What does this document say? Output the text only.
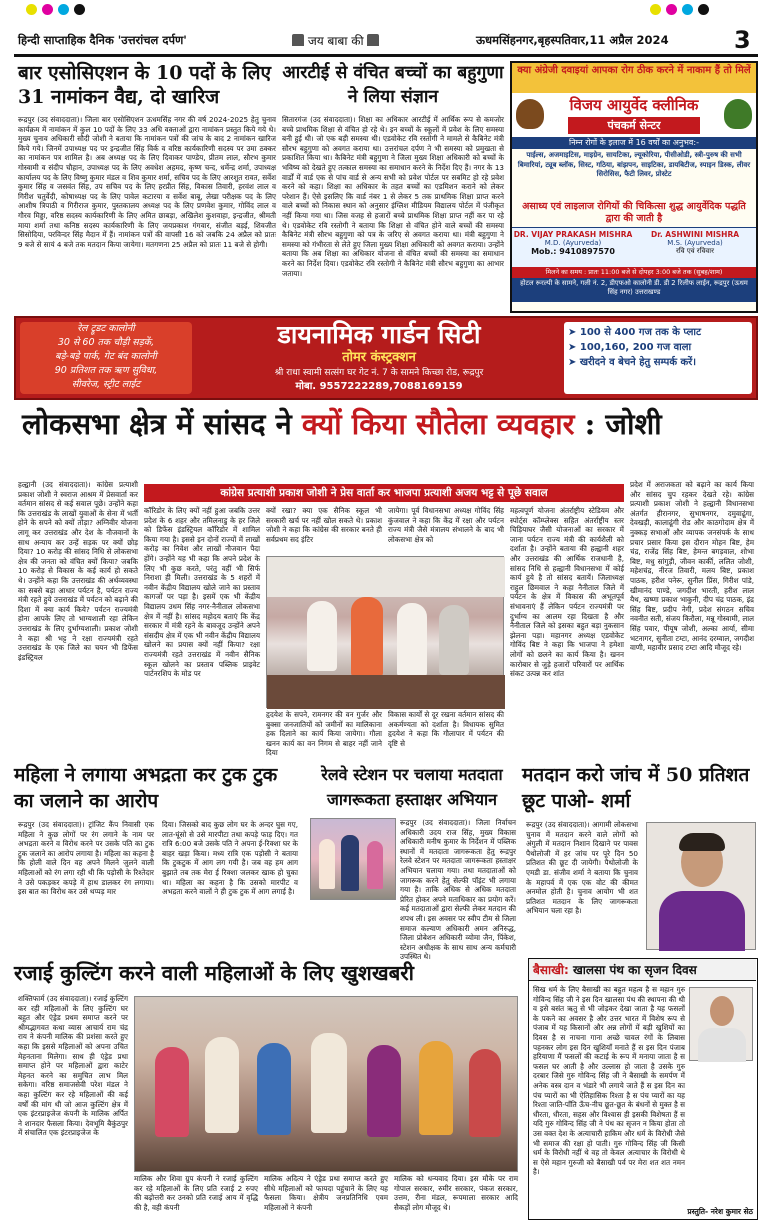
हिन्दी साप्ताहिक दैनिक 'उत्तरांचल दर्पण'	जय बाबा की	ऊधमसिंहनगर,बृहस्पतिवार,11 अप्रैल 2024	3
बार एसोसिएशन के 10 पदों के लिए 31 नामांकन वैद्य, दो खारिज
रूद्रपुर (उद संवाददाता)। जिला बार एसोसिएशन ऊधमसिंह नगर की वर्ष 2024-2025 हेतु चुनाव कार्यक्रम में नामांकन में कुल 10 पदों के लिए 33 अधि वक्ताओं द्वारा नामांकन प्रस्तुत किये गये थे। मुख्य चुनाव अधिकारी सौदी जोशी ने बताया कि नामांकन पत्रों की जांच के बाद 2 नामांकन खारिज किये गये। जिनमें उपाध्यक्ष पद पर इन्द्रजीत सिंह विर्क व वरिष्ठ कार्यकारिणी सदस्य पर उमा ठक्कर का नामांकन पत्र शामिल है। अब अध्यक्ष पद के लिए दिवाकर पाण्डेय, प्रीतम लाल, सौरभ कुमार गोस्वामी व संदीप चौहान, उपाध्यक्ष पद के लिए अवधेश अहमद, कृष्ण चन्द, धर्मेन्द्र शर्मा, उपाध्यक्ष कार्यालय पद के लिए विष्णु कुमार मंडल व शिव कुमार शर्मा, सचिव पद के लिए आरशुत रावत, सर्वेश कुमार सिंह व जसवंत सिंह, उप सचिव पद के लिए हरप्रीत सिंह, विकास तिवारी, हरवंश लाल व गिरीश चतुर्वेदी, कोषाध्यक्ष पद के लिए पावेल कटारया व सर्वेश बाबू, लेखा परीक्षक पद के लिए आशीष त्रिपाठी व गिरीराज कुमार, पुस्तकालय अध्यक्ष पद के लिए प्रणवेश कुमार, गोविंद लाल व गौरव मिड्डा, वरिष्ठ सदस्य कार्यकारिणी के लिए अमित छाबड़ा, अखिलेश कुशवाहा, इन्द्रजीत, श्रीमती माया शर्मा तथा कनिष्ठ सदस्य कार्यकारिणी के लिए जयप्रकाश गंगवार, संजीत बड़ई, शिवजीत सिसोदिया, परविन्दर सिंह मैदान में हैं। नामांकन पत्रों की वापसी 16 को जबकि 24 अप्रैल को प्रातः 9 बजे से सायं 4 बजे तक मतदान किया जायेगा। मतगणना 25 अप्रैल को प्रातः 11 बजे से होगी।
आरटीई से वंचित बच्चों का बहुगुणा ने लिया संज्ञान
सितारगंज (उद संवाददाता)। शिक्षा का अधिकार आरटीई में आर्थिक रूप से कमजोर बच्चे प्राथमिक शिक्षा से वंचित हो रहे थे। इन बच्चों के स्कूलों में प्रवेश के लिए समस्या बनी हुई थी। जो एक बड़ी समस्या थी। एडवोकेट रवि रस्तोगी ने मामले से कैबिनेट मंत्री सौरभ बहुगुणा को अवगत कराया था। उत्तरांचल दर्पण ने भी समस्या को प्रमुखता से प्रकाशित किया था। कैबिनेट मंत्री बहुगुणा ने जिला मुख्य शिक्षा अधिकारी को बच्चों के भविष्य को देखते हुए तत्काल समस्या का समाधान करने के निर्देश दिए हैं। नगर के 13 वार्डों में वार्ड एक से पांच वार्ड से अन्य सभी को प्रवेश पोर्टल पर सबमिट हो रहे प्रवेश करने को कहा। शिक्षा का अधिकार के तहत बच्चों का एडमिशन कराने को लेकर परेशान हैं। ऐसे इसलिए कि वार्ड नंबर 1 से लेकर 5 तक प्राथमिक शिक्षा प्राप्त करने वाले बच्चों को निकास स्थान को अनुसार इंग्लिश मीडियम विद्यालय पोर्टल में पंजीकृत नहीं किया गया था। जिस वजह से हजारों बच्चे प्राथमिक शिक्षा प्राप्त नहीं कर पा रहे थे। एडवोकेट रवि रस्तोगी ने बताया कि शिक्षा से वंचित होने वाले बच्चों की समस्या कैबिनेट मंत्री सौरभ बहुगुणा को पत्र के जरिए से अवगत कराया था। मंत्री बहुगुणा ने समस्या को गंभीरता से लेते हुए जिला मुख्य शिक्षा अधिकारी को अवगत कराया। उन्होंने बताया कि अब शिक्षा का अधिकार योजना से वंचित बच्चों की समस्या का समाधान करने का निर्देश दिया। एडवोकेट रवि रस्तोगी ने कैबिनेट मंत्री सौरभ बहुगुणा का आभार जताया।
क्या अंग्रेजी दवाइयां आपका रोग ठीक करने में नाकाम हैं तो मिलें
विजय आयुर्वेद क्लीनिक
पंचकर्म सेन्टर
निम्न रोगों के इलाज में 16 वर्षों का अनुभव:-
पाईल्स, अजमाइटिस, माइग्रेन, सायटिका, ल्यूकोरिया, पीसीओडी, स्त्री-पुरुष की सभी बिमारियां, ट्यूब ब्लॉक, सिस्ट, गठिया, बांझपन, साइटिका, डायबिटीज, स्पाइन डिस्क, लीवर सिरोसिस, फैटी लिवर, प्रोस्टेट
असाध्य एवं लाइलाज रोगियों की चिकित्सा शुद्ध आयुर्वेदिक पद्धति द्वारा की जाती है
DR. VIJAY PRAKASH MISHRA
M.D. (Ayurveda)
Mob.: 9410897570
Dr. ASHWINI MISHRA
M.S. (Ayurveda)
रवि एवं रविवार
मिलने का समय : प्रातः 11:00 बजे से दोपहर 3:00 बजे तक (सुबह/शाम)
होटल रूरल्पी के सामने, गली नं. 2, डीएफओ कालोनी डी. डी 2 रिलीफ लाईन, रूद्रपुर (ऊधम सिंह नगर) उत्तराखण्ड
रेल ट्रूडट कालोनी
30 से 60 तक चौड़ी सड़कें,
बड़े-बड़े पार्क, गेट बंद कालोनी
90 प्रतिशत तक ऋण सुविधा,
सीवरेज, स्ट्रीट लाईट
डायनामिक गार्डन सिटी
तोमर कंस्ट्रक्शन
श्री राधा स्वामी सत्संग घर गेट नं. 7 के सामने किच्छा रोड, रूद्रपुर
मोबा. 9557222289,7088169159
➤ 100 से 400 गज तक के प्लाट
➤ 100,160, 200 गज वाला
➤ खरीदने व बेचने हेतु सम्पर्क करें।
लोकसभा क्षेत्र में सांसद ने क्यों किया सौतेला व्यवहार : जोशी
हल्द्वानी (उद संवाददाता)। कांग्रेस प्रत्याशी प्रकाश जोशी ने स्वराज आश्रम में प्रेसवार्ता कर वर्तमान सांसद से कई सवाल पूछे। उन्होंने कहा कि उत्तराखंड के लाखों युवाओं के सेना में भर्ती होने के सपने को क्यों तोड़ा? अग्निवीर योजना लागू कर उत्तराखंड और देश के नौजवानों के साथ अन्याय कर उन्हें सड़क पर क्यों छोड़ दिया? 10 करोड़ की सांसद निधि से लोकसभा क्षेत्र की जनता को वंचित क्यों किया? जबकि 10 करोड़ से विकास के कई कार्य हो सकते थे। उन्होंने कहा कि उत्तराखंड की अर्थव्यवस्था का सबसे बड़ा आधार पर्यटन है, पर्यटन राज्य मंत्री रहते हुये उत्तराखंड में पर्यटन को बढ़ाने की दिशा में क्या कार्य किये? पर्यटन राज्यमंत्री होना आपके लिए तो भाग्यशाली रहा लेकिन उत्तराखंड के लिए दुर्भाग्यशाली। प्रकाश जोशी ने कहा श्री भट्ट ने रक्षा राज्यमंत्री रहते उत्तराखंड के एक जिले का चयन भी डिफेंस इंडस्ट्रियल
कांग्रेस प्रत्याशी प्रकाश जोशी ने प्रेस वार्ता कर भाजपा प्रत्याशी अजय भट्ट से पूछे सवाल
कॉरिडोर के लिए क्यों नहीं हुआ जबकि उत्तर प्रदेश के 6 शहर और तमिलनाडु के हर जिले को डिफेंस इंडस्ट्रियल कॉरिडोर में शामिल किया गया है। इससे इन दोनों राज्यों में लाखों करोड़ का निवेश और लाखों नौजवान पैदा होंगे। उन्होंने यह भी कहा कि अपने प्रदेश के लिए भी कुछ करते, परंतु वहीं भी सिर्फ निराशा ही मिली। उत्तराखंड के 5 शहरों में नवीन केंद्रीय विद्यालय खोले जाने का प्रस्ताव कागजों पर पड़ा है। इसमें एक भी केंद्रीय विद्यालय उधम सिंह नगर-नैनीताल लोकसभा क्षेत्र में नहीं है। सांसद महोदय बताएं कि केंद्र सरकार में मंत्री रहने के बावजूद उन्होंने अपने संसदीय क्षेत्र में एक भी नवीन केंद्रीय विद्यालय खोलने का प्रयास क्यों नहीं किया? रक्षा राज्यमंत्री रहते उत्तराखंड में नवीन सैनिक स्कूल खोलने का प्रस्ताव पब्लिक प्राइवेट पार्टनरशिप के मोड पर
क्यों रखा? क्या एक सैनिक स्कूल भी सरकारी खर्च पर नहीं खोल सकते थे। प्रकाश जोशी ने कहा कि कांग्रेस की सरकार बनते ही सर्वप्रथम सद इंटिर
जायेगा। पूर्व विधानसभा अध्यक्ष गोविंद सिंह कुंजवाल ने कहा कि केंद्र में रक्षा और पर्यटन राज्य मंत्री जैसे मंत्रालय संभालने के बाद भी लोकसभा क्षेत्र को
हृदयेश के सपने, रामनगर की वन गुर्जर और बुक्सा जनजातियों को जमीनों का मालिकाना हक दिलाने का कार्य किया जायेगा। गौला खनन कार्य का वन निगम से बाहर नहीं जाने दिया
विकास कार्यों से दूर रखना वर्तमान सांसद की अकर्मण्यता को दर्शाता है। विधायक सुमित हृदयेश ने कहा कि गौलापार में पर्यटन की दृष्टि से
महत्वपूर्ण योजना अंतर्राष्ट्रीय स्टेडियम और स्पोर्ट्स कॉम्प्लेक्स सहित अंतर्राष्ट्रीय स्तर चिड़ियाघर जैसी योजनाओं का सरकार में जाना पर्यटन राज्य मंत्री की कार्यशैली को दर्शाता है। उन्होंने बताया की हल्द्वानी शहर और उत्तराखंड की आर्थिक राजधानी है, सांसद निधि से हल्द्वानी विधानसभा में कोई कार्य हुये है तो सांसद बतायें। जिलाध्यक्ष राहुल छिमवाल ने कहा नैनीताल जिले में पर्यटन के क्षेत्र में विकास की अभूतपूर्व संभावनाएं हैं लेकिन पर्यटन राज्यमंत्री पर दुर्भाग्य का आलम रहा दिखता है और नैनीताल जिले को इसका बहुत बड़ा नुकसान झेलना पड़ा। महानगर अध्यक्ष एडवोकेट गोविंद बिष्ट ने कहा कि भाजपा ने हमेशा लोगों को छलने का कार्य किया है। खनन कारोबार से जुड़े हजारों परिवारों पर आर्थिक संकट उत्पन्न कर शांत
प्रदेश में अराजकता को बढ़ाने का कार्य किया और सांसद चुप रहकर देखते रहे। कांग्रेस प्रत्याशी प्रकाश जोशी ने हल्द्वानी विधानसभा अंतर्गत हीरानगर, सुभाषनगर, दमुवाढूंगा, देवखड़ी, कालाढूंगी रोड और काठगोदाम क्षेत्र में नुक्कड़ सभाओं और व्यापक जनसंपर्क के साथ प्रचार प्रसार किया इस दौरान मोहन बिष्ट, हेम चंद्र, राजेंद्र सिंह बिष्ट, हेमन्त बगड़वाल, शोभा बिष्ट, मधु सांगुड़ी, जीवन कार्की, ललित जोशी, महेशचंद्र, नीरज तिवारी, मलय बिष्ट, प्रकाश पाठक, हरीश पनेरू, सुनील प्रिंस, गिरीश पांडे, खीमानंद पाण्डे, जगदीश भारती, हरीश लाल यैथ, खष्णा प्रकाश भाकुनी, दीप चंद्र पाठक, इंद्र सिंह बिष्ट, प्रदीप नेगी, प्रदेश संगठन सचिव नवनीत सती, संजय किरौला, मन्नू गोस्वामी, लाल सिंह पवार, पीयूष जोशी, अल्का आर्या, सीमा भटनागर, सुनीता टम्टा, आनंद दरम्वाल, जगदीश वाणी, महावीर प्रसाद टम्टा आदि मौजूद रहे।
महिला ने लगाया अभद्रता कर टुक टुक का जलाने का आरोप
रूद्रपुर (उद संवाददाता)। ट्रांजिट कैंप निवासी एक महिला ने कुछ लोगों पर रंग लगाने के नाम पर अभद्रता करने व विरोध करने पर उसके पति का टुक टुक जलाने का आरोप लगाया है। महिला का कहना है कि होली वाले दिन वह अपने मिलने जुलने वाली महिलाओं को रंग लगा रही थी कि पड़ोसी के रिश्तेदार ने उसे पकड़कर कपड़े में हाथ डालकर रंग लगाया। इस बात का विरोध कर उसे थप्पड़ मार
दिया। जिसको बाद कुछ लोग घर के अन्दर घुस गए, लात-घूंसो से उसे मारपीटा तथा कपड़े फाड़ दिए। गत रात्रि 6:00 बजे उसके पति ने अपना ई-रिक्शा घर के बाहर खड़ा किया। मध्य रात्रि एक पड़ोसी ने बताया कि टुकटुक में आग लग गयी है। जब वह हम आग बुझाते तब तक मेरा ई रिक्शा जलकर खाक हो चुका था। महिला का कहना है कि उसको मारपीट व अभद्रता करने वालों ने ही टुक टुक में आग लगाई है।
रेलवे स्टेशन पर चलाया मतदाता जागरूकता हस्ताक्षर अभियान
रूद्रपुर (उद संवाददाता)। जिला निर्वाचन अधिकारी उदय राज सिंह, मुख्य विकास अधिकारी मनीष कुमार के निर्देशन में पब्लिक स्थानों में मतदाता जागरूकता हेतु रूद्रपुर रेलवे स्टेशन पर मतदाता जागरूकता हस्ताक्षर अभियान चलाया गया। तथा मतदाताओं को जागरूक करने हेतु सेल्फी पॉइंट भी लगाया गया है। ताकि अधिक से अधिक मतदाता प्रेरित होकर अपने मताधिकार का प्रयोग करें। कई मतदाताओं द्वारा सेल्फी लेकर मतदान की शपथ ली। इस अवसर पर स्वीप टीम से जिला समाज कल्याण अधिकारी अमन अनिरुद्ध, जिला प्रोबेशन अधिकारी व्योमा जैन, पिंकेश, स्टेशन अधीक्षक के साथ साथ अन्य कर्मचारी उपस्थित थे।
मतदान करो जांच में 50 प्रतिशत छूट पाओ- शर्मा
रूद्रपुर (उद संवाददाता)। आगामी लोकसभा चुनाव में मतदान करने वाले लोगों को अंगुली में मतदान निशान दिखाने पर पावस पैथोलोजी में हर जांच पर पूरे दिन 50 प्रतिशत की छूट दी जायेगी। पैथोलोजी के एमडी डा. संजीव शर्मा ने बताया कि चुनाव के महापर्व में एक एक वोट की कीमत अनमोल होती है। चुनाव आयोग भी शत प्रतिशत मतदान के लिए जागरूकता अभियान चला रहा है।
रजाई कुल्टिंग करने वाली महिलाओं के लिए खुशखबरी
शक्तिफार्म (उद संवाददाता)। रजाई कुल्टिंग कर रही महिलाओं के लिए कुल्टिंग घर बहुत और एंड्रेड प्रथम समाप्त करने पर श्रीमद्भागवत कथा व्यास आचार्य राम चंद्र राय ने कंपनी मालिक की प्रशंसा करते हुए कहा कि इससे महिलाओं को अपना उचित मेहनताना मिलेगा। साथ ही एंड्रेड प्रथा समाप्त होने पर महिलाओं द्वारा काटेर मेहनत करने का समुचित लाभ मिल सकेगा। वरिष्ठ समाजसेवी परेश मंडल ने कहा कुल्टिंग कर रहे महिलाओं की कई वर्षों की मांग थी जो आज कुल्टिंग क्षेत्र में एक इंटरप्राइजेज कंपनी के मालिक अर्पित ने शानदार फैसला किया। देवभूमि बैकुंठपुर में संचालित एक इंटरप्राइजेज के
मालिक और शिवा ग्रुप कंपनी ने रजाई कुल्टिंग कर रहे महिलाओं के लिए प्रति रजाई 2 रुपए की बढ़ोत्तरी कर उनको प्रति रजाई आय में वृद्धि की है, वही कंपनी
मालिक अदित्य ने एंड्रेड प्रथा समाप्त करते हुए सीधे महिलाओं को फायदा पहुंचाने के लिए यह फैसला किया। क्षेत्रीय जनप्रतिनिधि एवम महिलाओं ने कंपनी
मालिक को धन्यवाद दिया। इस मौके पर राम गोपाल सरकार, रुमीर सरकार, पंकज सरकार, उत्तम, रीना मंडल, रूपमाला सरकार आदि सैकड़ों लोग मौजूद थे।
बैसाखी: खालसा पंथ का सृजन दिवस
सिख धर्म के लिए बैसाखी का बहुत महत्व है स महान गुरु गोविन्द सिंह जी ने इस दिन खालसा पंथ की स्थापना की थी व इसे बसंत ऋतु से भी जोड़कर देखा जाता है यह फसलों के पकने का अवसर है और उत्तर भारत में विशेष रूप से पंजाब में यह किसानों और अन्न लोगों में बड़ी खुशियों का दिवस है स नाचना गाना अच्छे चावल रंगों के लिबास पहनकर लोग इस दिन खुशियाँ मनाते हैं स इस दिन पंजाब हरियाणा मैं फसलों की कटाई के रूप में मनाया जाता है स फसल घर आती है और उल्लास हो जाता है उसके गुरु दरबार जिसे गुरु गोविन्द सिंह जी ने बैसाखी के समर्पण में अनेक वस्त्र दान व भंडारे भी लगाये जाते हैं स इस दिन का पंच प्यारों का भी ऐतिहासिक रिश्ता है स पंच प्यारों का यह रिश्ता जाति-पाँति ऊँच-नीच छूत-छूत के बंधनों से मुक्त है स धीरता, धीरता, सहस और विश्वास ही इसकी विशेषता हैं स यदि गुरु गोविन्द सिंह जी ने पंथ का सृजन न किया होता तो उस वक्त देश के अत्याचारी हाकिम और धर्म के विरोधी जैसे भी समाज की रक्षा हो पाती। गुरु गोविन्द सिंह जी किसी धर्म के विरोधी नहीं थे वह तो केवल अत्याचार के विरोधी थे स ऐसे महान गुरुजी को बैसाखी पर्व पर मेरा शत शत नमन है।
प्रस्तुति- नरेश कुमार सेठ
